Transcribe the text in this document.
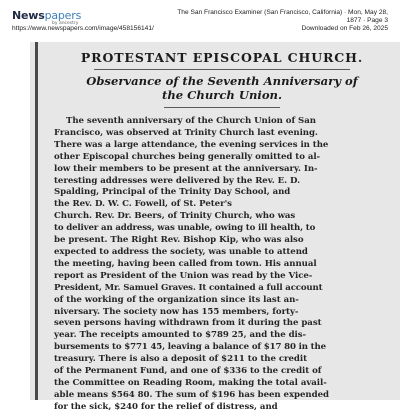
Newspapers
by ancestry
https://www.newspapers.com/image/458156141/
The San Francisco Examiner (San Francisco, California) · Mon, May 28,
1877 · Page 3
Downloaded on Feb 26, 2025
PROTESTANT EPISCOPAL CHURCH.
Observance of the Seventh Anniversary of
the Church Union.
The seventh anniversary of the Church Union of San
Francisco, was observed at Trinity Church last evening.
There was a large attendance, the evening services in the
other Episcopal churches being generally omitted to al-
low their members to be present at the anniversary. In-
teresting addresses were delivered by the Rev. E. D.
Spalding, Principal of the Trinity Day School, and
the Rev. D. W. C. Fowell, of St. Peter's
Church. Rev. Dr. Beers, of Trinity Church, who was
to deliver an address, was unable, owing to ill health, to
be present. The Right Rev. Bishop Kip, who was also
expected to address the society, was unable to attend
the meeting, having been called from town. His annual
report as President of the Union was read by the Vice-
President, Mr. Samuel Graves. It contained a full account
of the working of the organization since its last an-
niversary. The society now has 155 members, forty-
seven persons having withdrawn from it during the past
year. The receipts amounted to $789 25, and the dis-
bursements to $771 45, leaving a balance of $17 80 in the
treasury. There is also a deposit of $211 to the credit
of the Permanent Fund, and one of $336 to the credit of
the Committee on Reading Room, making the total avail-
able means $564 80. The sum of $196 has been expended
for the sick, $240 for the relief of distress, and
